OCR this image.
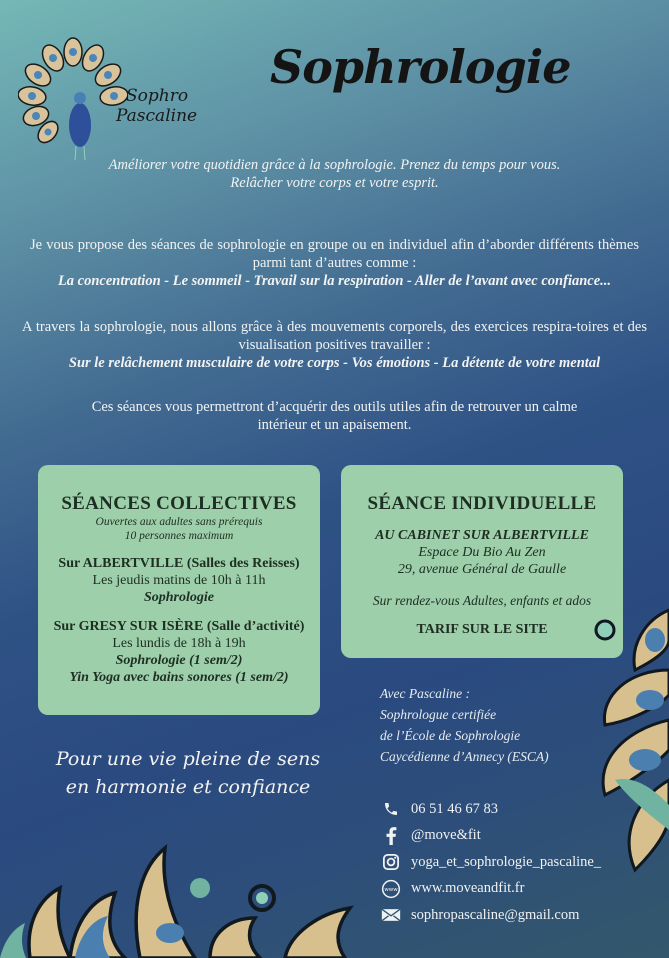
Sophro
Pascaline
Sophrologie
Améliorer votre quotidien grâce à la sophrologie. Prenez du temps pour vous.
Relâcher votre corps et votre esprit.
Je vous propose des séances de sophrologie en groupe ou en individuel afin d’aborder différents thèmes parmi tant d’autres comme :
La concentration - Le sommeil - Travail sur la respiration - Aller de l’avant avec confiance...
A travers la sophrologie, nous allons grâce à des mouvements corporels, des exercices respira-toires et des visualisation positives travailler :
Sur le relâchement musculaire de votre corps - Vos émotions - La détente de votre mental
Ces séances vous permettront d’acquérir des outils utiles afin de retrouver un calme intérieur et un apaisement.
SÉANCES COLLECTIVES
Ouvertes aux adultes sans prérequis
10 personnes maximum
Sur ALBERTVILLE (Salles des Reisses)
Les jeudis matins de 10h à 11h
Sophrologie
Sur GRESY SUR ISÈRE (Salle d’activité)
Les lundis de 18h à 19h
Sophrologie (1 sem/2)
Yin Yoga avec bains sonores (1 sem/2)
SÉANCE INDIVIDUELLE
AU CABINET SUR ALBERTVILLE
Espace Du Bio Au Zen
29, avenue Général de Gaulle
Sur rendez-vous Adultes, enfants et ados
TARIF SUR LE SITE
Pour une vie pleine de sens
en harmonie et confiance
Avec Pascaline :
Sophrologue certifiée
de l’École de Sophrologie
Caycédienne d’Annecy (ESCA)
06 51 46 67 83
@move&fit
yoga_et_sophrologie_pascaline_
www www.moveandfit.fr
sophropascaline@gmail.com
